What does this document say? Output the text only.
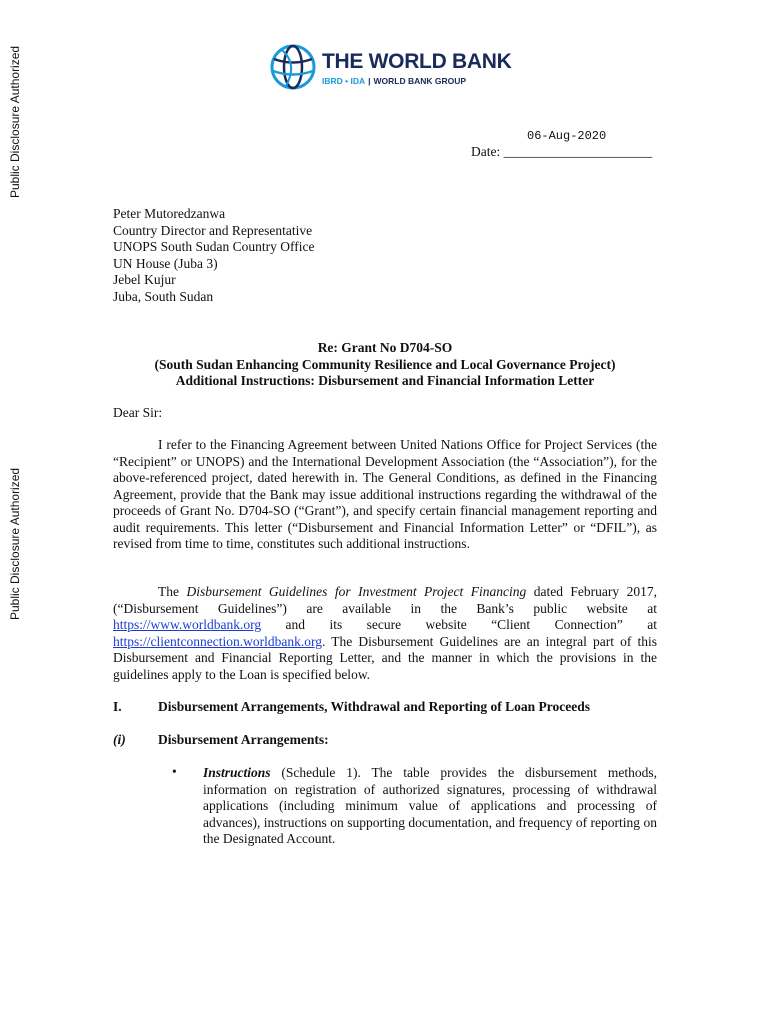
Public Disclosure Authorized
Public Disclosure Authorized
THE WORLD BANK
IBRD • IDA | WORLD BANK GROUP
06-Aug-2020
Date: ______________________
Peter Mutoredzanwa
Country Director and Representative
UNOPS South Sudan Country Office
UN House (Juba 3)
Jebel Kujur
Juba, South Sudan
Re: Grant No D704-SO
(South Sudan Enhancing Community Resilience and Local Governance Project)
Additional Instructions: Disbursement and Financial Information Letter
Dear Sir:
I refer to the Financing Agreement between United Nations Office for Project Services (the “Recipient” or UNOPS) and the International Development Association (the “Association”), for the above-referenced project, dated herewith in. The General Conditions, as defined in the Financing Agreement, provide that the Bank may issue additional instructions regarding the withdrawal of the proceeds of Grant No. D704-SO (“Grant”), and specify certain financial management reporting and audit requirements. This letter (“Disbursement and Financial Information Letter” or “DFIL”), as revised from time to time, constitutes such additional instructions.
The Disbursement Guidelines for Investment Project Financing dated February 2017, (“Disbursement Guidelines”) are available in the Bank’s public website at https://www.worldbank.org and its secure website “Client Connection” at https://clientconnection.worldbank.org. The Disbursement Guidelines are an integral part of this Disbursement and Financial Reporting Letter, and the manner in which the provisions in the guidelines apply to the Loan is specified below.
I.	Disbursement Arrangements, Withdrawal and Reporting of Loan Proceeds
(i) Disbursement Arrangements:
• Instructions (Schedule 1). The table provides the disbursement methods, information on registration of authorized signatures, processing of withdrawal applications (including minimum value of applications and processing of advances), instructions on supporting documentation, and frequency of reporting on the Designated Account.
